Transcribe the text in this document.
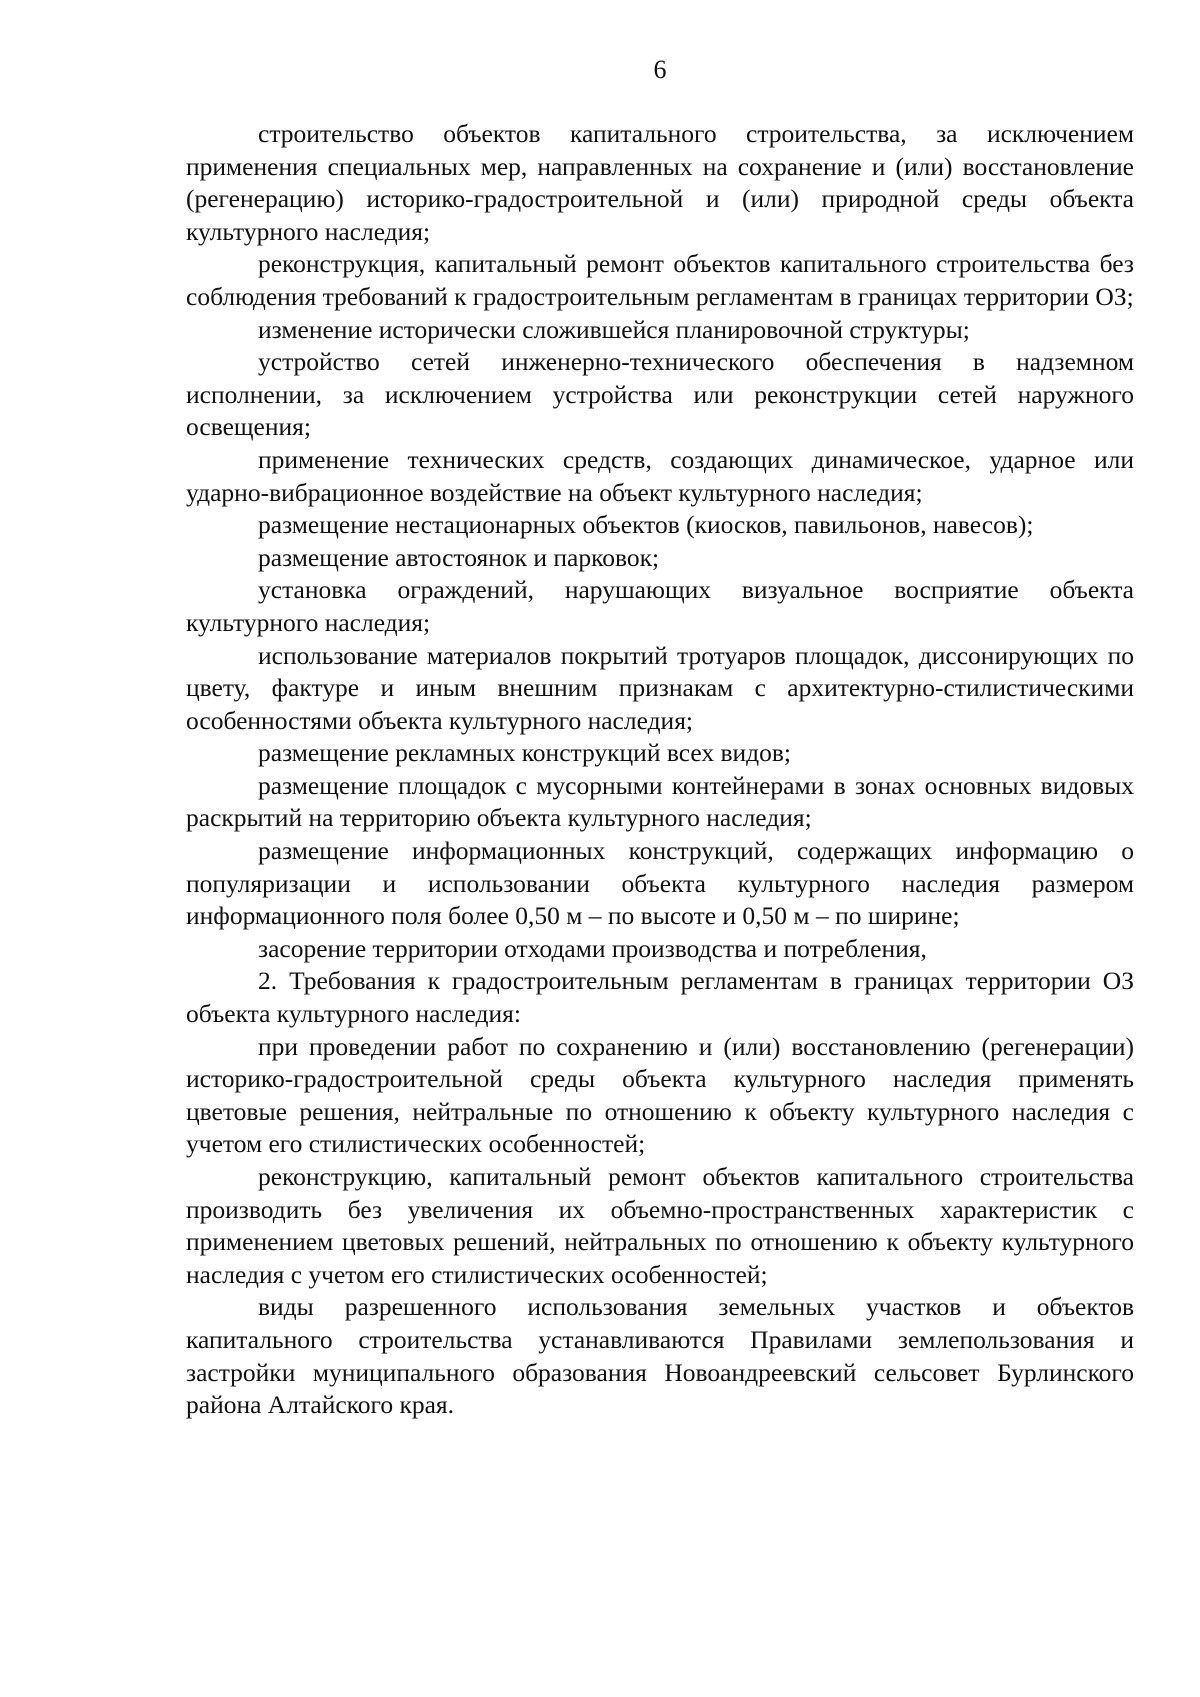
6

строительство объектов капитального строительства, за исключением применения специальных мер, направленных на сохранение и (или) восстановление (регенерацию) историко-градостроительной и (или) природной среды объекта культурного наследия;

реконструкция, капитальный ремонт объектов капитального строительства без соблюдения требований к градостроительным регламентам в границах территории ОЗ;

изменение исторически сложившейся планировочной структуры;

устройство сетей инженерно-технического обеспечения в надземном исполнении, за исключением устройства или реконструкции сетей наружного освещения;

применение технических средств, создающих динамическое, ударное или ударно-вибрационное воздействие на объект культурного наследия;

размещение нестационарных объектов (киосков, павильонов, навесов);

размещение автостоянок и парковок;

установка ограждений, нарушающих визуальное восприятие объекта культурного наследия;

использование материалов покрытий тротуаров площадок, диссонирующих по цвету, фактуре и иным внешним признакам с архитектурно-стилистическими особенностями объекта культурного наследия;

размещение рекламных конструкций всех видов;

размещение площадок с мусорными контейнерами в зонах основных видовых раскрытий на территорию объекта культурного наследия;

размещение информационных конструкций, содержащих информацию о популяризации и использовании объекта культурного наследия размером информационного поля более 0,50 м – по высоте и 0,50 м – по ширине;

засорение территории отходами производства и потребления,

2. Требования к градостроительным регламентам в границах территории ОЗ объекта культурного наследия:

при проведении работ по сохранению и (или) восстановлению (регенерации) историко-градостроительной среды объекта культурного наследия применять цветовые решения, нейтральные по отношению к объекту культурного наследия с учетом его стилистических особенностей;

реконструкцию, капитальный ремонт объектов капитального строительства производить без увеличения их объемно-пространственных характеристик с применением цветовых решений, нейтральных по отношению к объекту культурного наследия с учетом его стилистических особенностей;

виды разрешенного использования земельных участков и объектов капитального строительства устанавливаются Правилами землепользования и застройки муниципального образования Новоандреевский сельсовет Бурлинского района Алтайского края.
